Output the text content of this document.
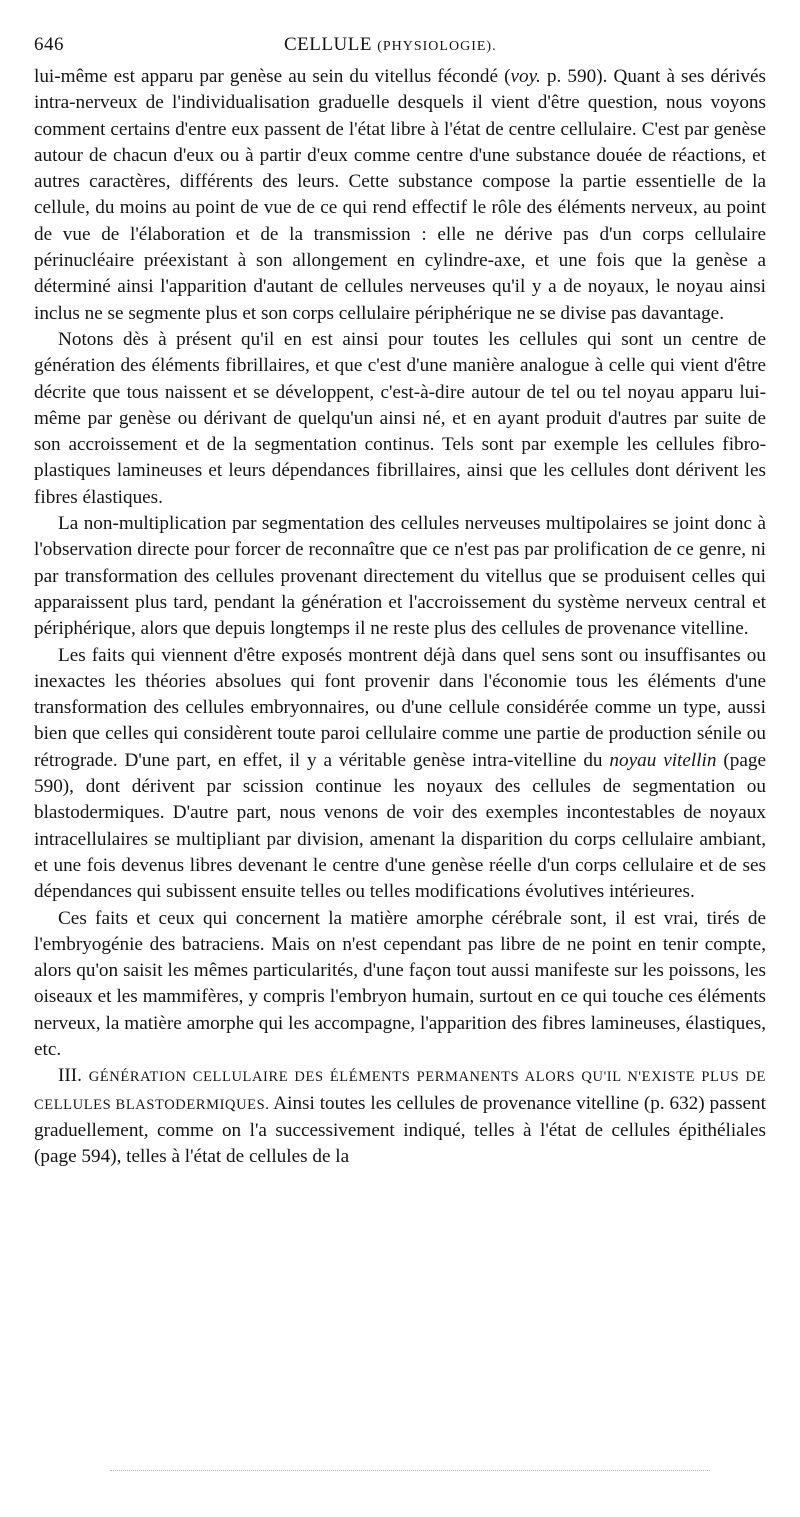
646	CELLULE (PHYSIOLOGIE).

lui-même est apparu par genèse au sein du vitellus fécondé (voy. p. 590). Quant à ses dérivés intra-nerveux de l'individualisation graduelle desquels il vient d'être question, nous voyons comment certains d'entre eux passent de l'état libre à l'état de centre cellulaire. C'est par genèse autour de chacun d'eux ou à partir d'eux comme centre d'une substance douée de réactions, et autres caractères, différents des leurs. Cette substance compose la partie essentielle de la cellule, du moins au point de vue de ce qui rend effectif le rôle des éléments nerveux, au point de vue de l'élaboration et de la transmission : elle ne dérive pas d'un corps cellulaire périnucléaire préexistant à son allongement en cylindre-axe, et une fois que la genèse a déterminé ainsi l'apparition d'autant de cellules nerveuses qu'il y a de noyaux, le noyau ainsi inclus ne se segmente plus et son corps cellulaire périphérique ne se divise pas davantage.

Notons dès à présent qu'il en est ainsi pour toutes les cellules qui sont un centre de génération des éléments fibrillaires, et que c'est d'une manière analogue à celle qui vient d'être décrite que tous naissent et se développent, c'est-à-dire autour de tel ou tel noyau apparu lui-même par genèse ou dérivant de quelqu'un ainsi né, et en ayant produit d'autres par suite de son accroissement et de la segmentation continus. Tels sont par exemple les cellules fibro-plastiques lamineuses et leurs dépendances fibrillaires, ainsi que les cellules dont dérivent les fibres élastiques.

La non-multiplication par segmentation des cellules nerveuses multipolaires se joint donc à l'observation directe pour forcer de reconnaître que ce n'est pas par prolification de ce genre, ni par transformation des cellules provenant directement du vitellus que se produisent celles qui apparaissent plus tard, pendant la génération et l'accroissement du système nerveux central et périphérique, alors que depuis longtemps il ne reste plus des cellules de provenance vitelline.

Les faits qui viennent d'être exposés montrent déjà dans quel sens sont ou insuffisantes ou inexactes les théories absolues qui font provenir dans l'économie tous les éléments d'une transformation des cellules embryonnaires, ou d'une cellule considérée comme un type, aussi bien que celles qui considèrent toute paroi cellulaire comme une partie de production sénile ou rétrograde. D'une part, en effet, il y a véritable genèse intra-vitelline du noyau vitellin (page 590), dont dérivent par scission continue les noyaux des cellules de segmentation ou blastodermiques. D'autre part, nous venons de voir des exemples incontestables de noyaux intracellulaires se multipliant par division, amenant la disparition du corps cellulaire ambiant, et une fois devenus libres devenant le centre d'une genèse réelle d'un corps cellulaire et de ses dépendances qui subissent ensuite telles ou telles modifications évolutives intérieures.

Ces faits et ceux qui concernent la matière amorphe cérébrale sont, il est vrai, tirés de l'embryogénie des batraciens. Mais on n'est cependant pas libre de ne point en tenir compte, alors qu'on saisit les mêmes particularités, d'une façon tout aussi manifeste sur les poissons, les oiseaux et les mammifères, y compris l'embryon humain, surtout en ce qui touche ces éléments nerveux, la matière amorphe qui les accompagne, l'apparition des fibres lamineuses, élastiques, etc.

III. GÉNÉRATION CELLULAIRE DES ÉLÉMENTS PERMANENTS ALORS QU'IL N'EXISTE PLUS DE CELLULES BLASTODERMIQUES. Ainsi toutes les cellules de provenance vitelline (p. 632) passent graduellement, comme on l'a successivement indiqué, telles à l'état de cellules épithéliales (page 594), telles à l'état de cellules de la
